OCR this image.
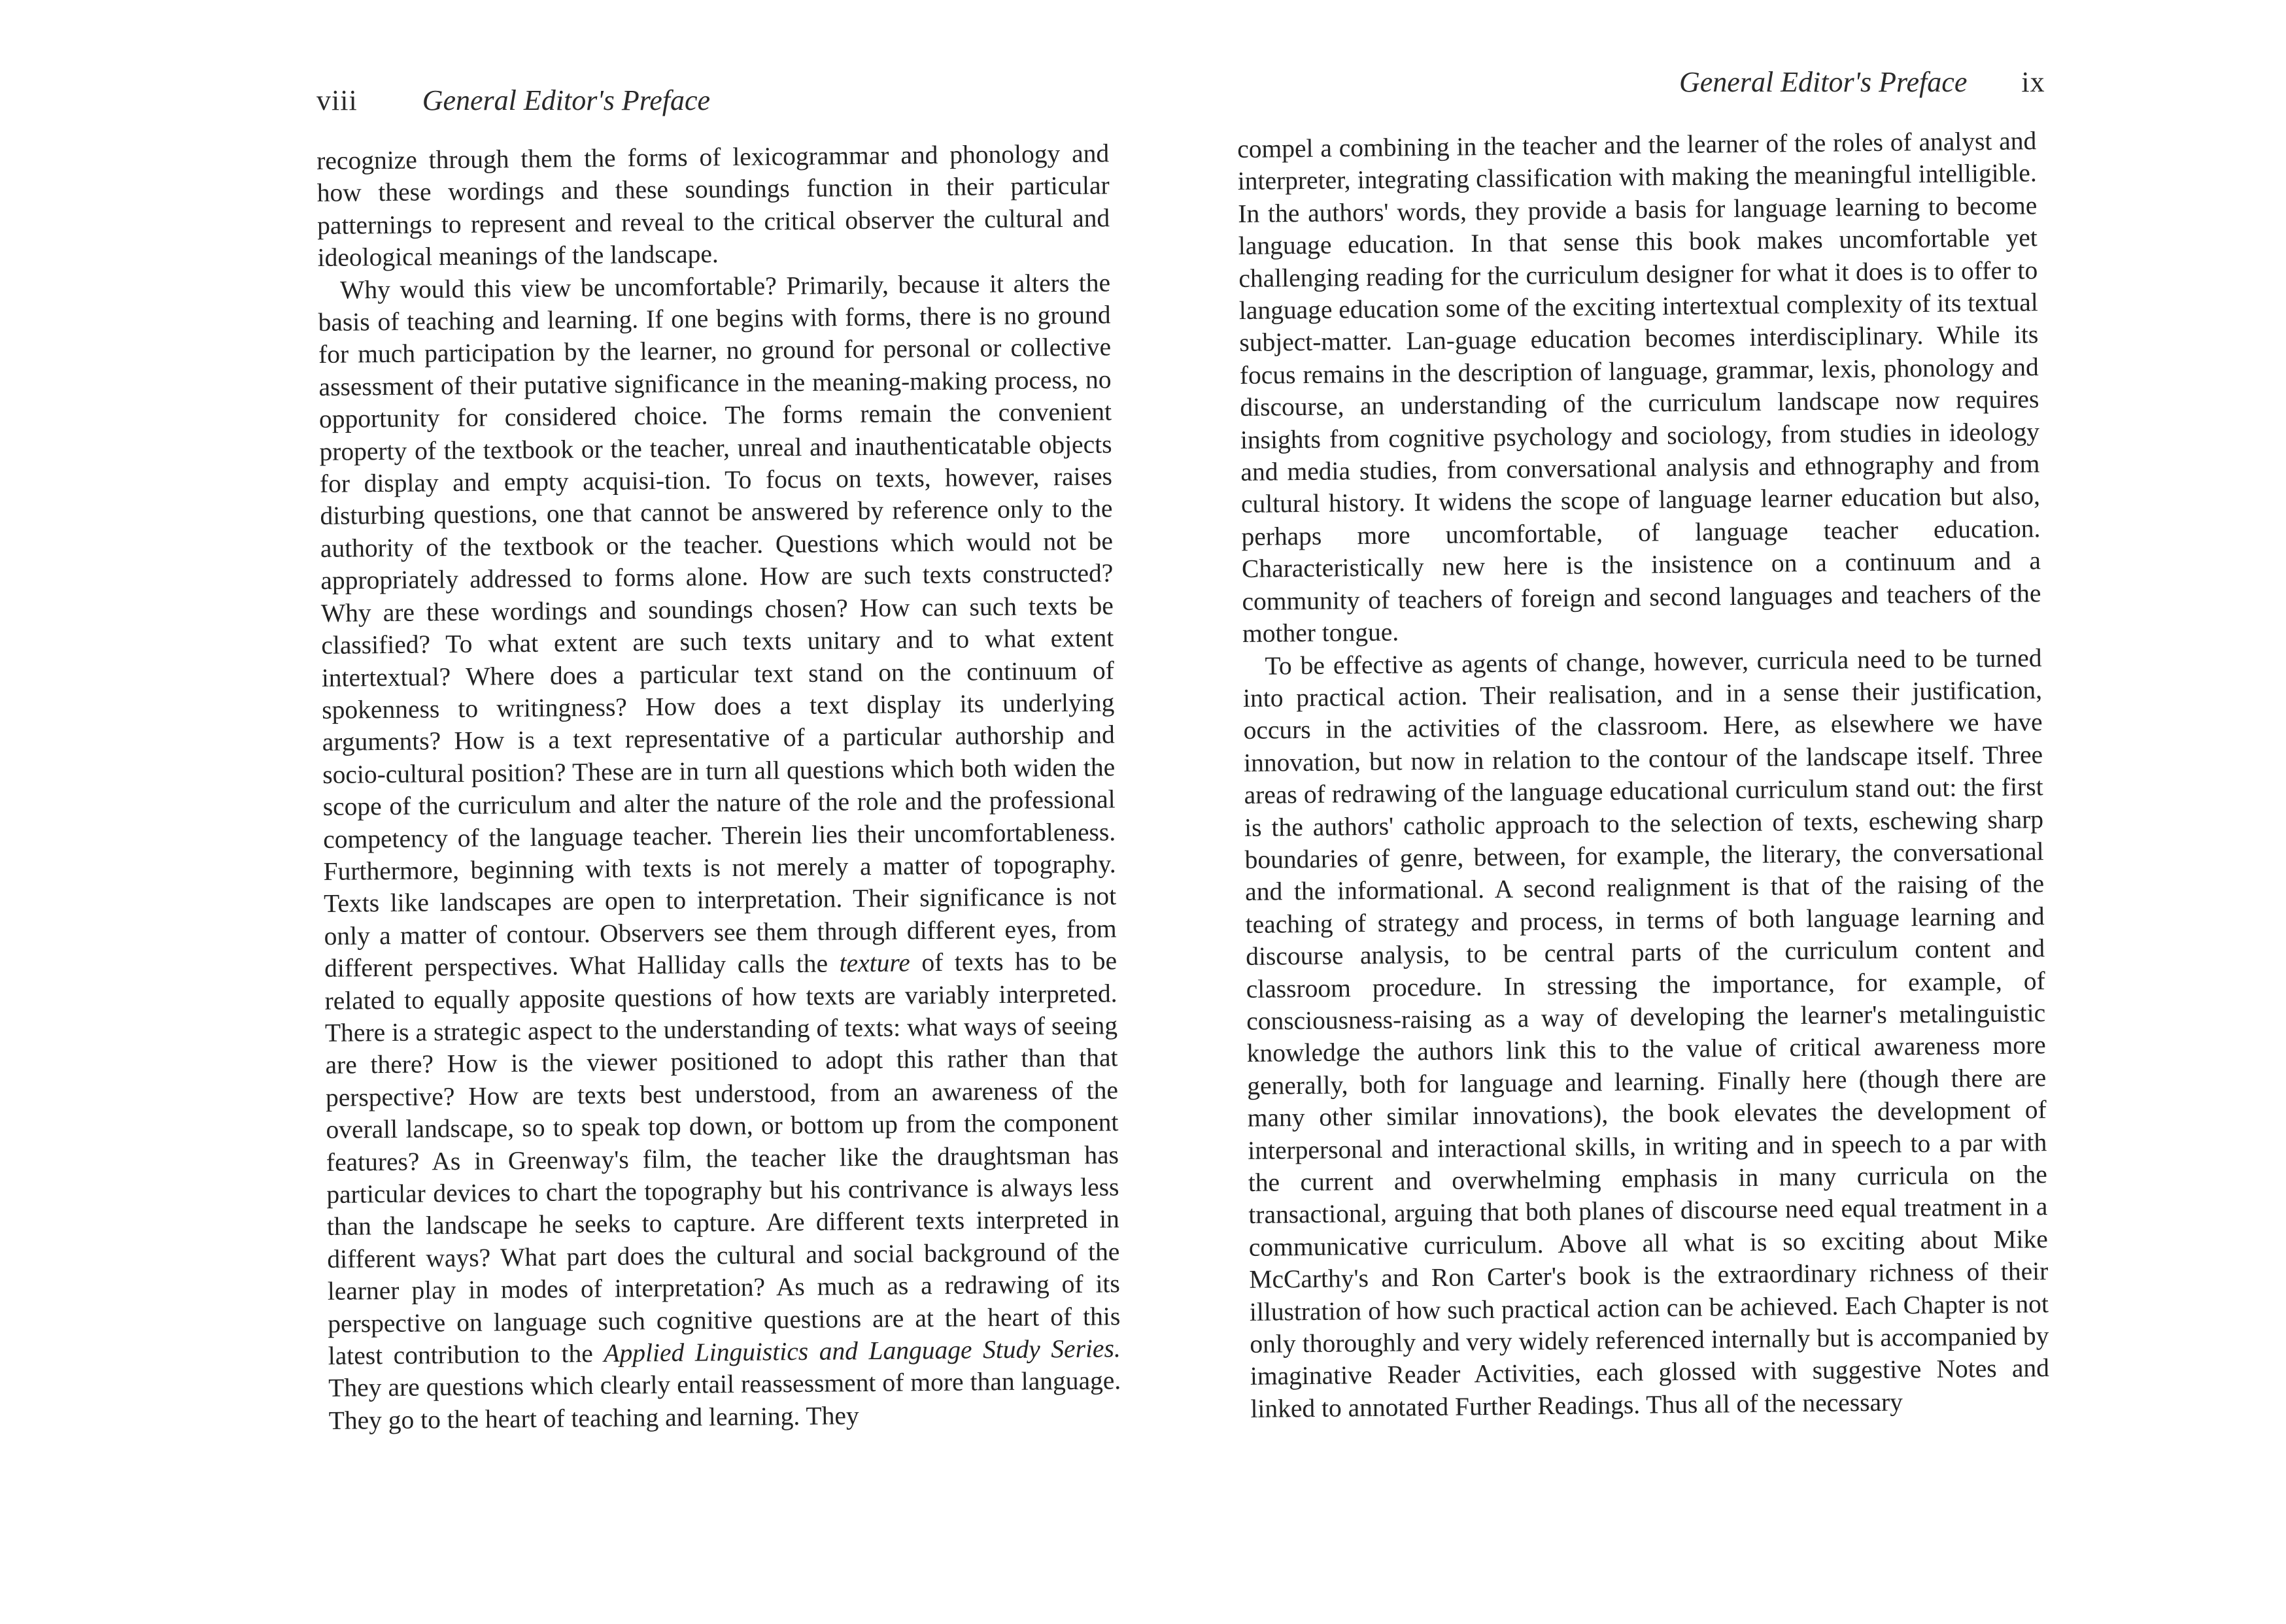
viii General Editor's Preface

recognize through them the forms of lexicogrammar and phonology and how these wordings and these soundings function in their particular patternings to represent and reveal to the critical observer the cultural and ideological meanings of the landscape.

Why would this view be uncomfortable? Primarily, because it alters the basis of teaching and learning. If one begins with forms, there is no ground for much participation by the learner, no ground for personal or collective assessment of their putative significance in the meaning-making process, no opportunity for considered choice. The forms remain the convenient property of the textbook or the teacher, unreal and inauthenticatable objects for display and empty acquisi-tion. To focus on texts, however, raises disturbing questions, one that cannot be answered by reference only to the authority of the textbook or the teacher. Questions which would not be appropriately addressed to forms alone. How are such texts constructed? Why are these wordings and soundings chosen? How can such texts be classified? To what extent are such texts unitary and to what extent intertextual? Where does a particular text stand on the continuum of spokenness to writingness? How does a text display its underlying arguments? How is a text representative of a particular authorship and socio-cultural position? These are in turn all questions which both widen the scope of the curriculum and alter the nature of the role and the professional competency of the language teacher. Therein lies their uncomfortableness. Furthermore, beginning with texts is not merely a matter of topography. Texts like landscapes are open to interpretation. Their significance is not only a matter of contour. Observers see them through different eyes, from different perspectives. What Halliday calls the texture of texts has to be related to equally apposite questions of how texts are variably interpreted. There is a strategic aspect to the understanding of texts: what ways of seeing are there? How is the viewer positioned to adopt this rather than that perspective? How are texts best understood, from an awareness of the overall landscape, so to speak top down, or bottom up from the component features? As in Greenway's film, the teacher like the draughtsman has particular devices to chart the topography but his contrivance is always less than the landscape he seeks to capture. Are different texts interpreted in different ways? What part does the cultural and social background of the learner play in modes of interpretation? As much as a redrawing of its perspective on language such cognitive questions are at the heart of this latest contribution to the Applied Linguistics and Language Study Series. They are questions which clearly entail reassessment of more than language. They go to the heart of teaching and learning. They

General Editor's Preface ix

compel a combining in the teacher and the learner of the roles of analyst and interpreter, integrating classification with making the meaningful intelligible. In the authors' words, they provide a basis for language learning to become language education. In that sense this book makes uncomfortable yet challenging reading for the curriculum designer for what it does is to offer to language education some of the exciting intertextual complexity of its textual subject-matter. Lan-guage education becomes interdisciplinary. While its focus remains in the description of language, grammar, lexis, phonology and discourse, an understanding of the curriculum landscape now requires insights from cognitive psychology and sociology, from studies in ideology and media studies, from conversational analysis and ethnography and from cultural history. It widens the scope of language learner education but also, perhaps more uncomfortable, of language teacher education. Characteristically new here is the insistence on a continuum and a community of teachers of foreign and second languages and teachers of the mother tongue.

To be effective as agents of change, however, curricula need to be turned into practical action. Their realisation, and in a sense their justification, occurs in the activities of the classroom. Here, as elsewhere we have innovation, but now in relation to the contour of the landscape itself. Three areas of redrawing of the language educational curriculum stand out: the first is the authors' catholic approach to the selection of texts, eschewing sharp boundaries of genre, between, for example, the literary, the conversational and the informational. A second realignment is that of the raising of the teaching of strategy and process, in terms of both language learning and discourse analysis, to be central parts of the curriculum content and classroom procedure. In stressing the importance, for example, of consciousness-raising as a way of developing the learner's metalinguistic knowledge the authors link this to the value of critical awareness more generally, both for language and learning. Finally here (though there are many other similar innovations), the book elevates the development of interpersonal and interactional skills, in writing and in speech to a par with the current and overwhelming emphasis in many curricula on the transactional, arguing that both planes of discourse need equal treatment in a communicative curriculum. Above all what is so exciting about Mike McCarthy's and Ron Carter's book is the extraordinary richness of their illustration of how such practical action can be achieved. Each Chapter is not only thoroughly and very widely referenced internally but is accompanied by imaginative Reader Activities, each glossed with suggestive Notes and linked to annotated Further Readings. Thus all of the necessary
